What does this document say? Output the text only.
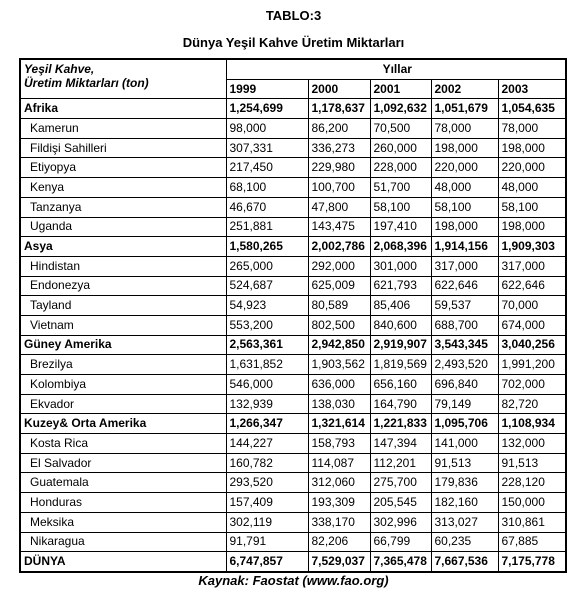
TABLO:3
Dünya Yeşil Kahve Üretim Miktarları
Yeşil Kahve,
Üretim Miktarları (ton)	Yıllar				
	1999	2000	2001	2002	2003
Afrika	1,254,699	1,178,637	1,092,632	1,051,679	1,054,635
Kamerun	98,000	86,200	70,500	78,000	78,000
Fildişi Sahilleri	307,331	336,273	260,000	198,000	198,000
Etiyopya	217,450	229,980	228,000	220,000	220,000
Kenya	68,100	100,700	51,700	48,000	48,000
Tanzanya	46,670	47,800	58,100	58,100	58,100
Uganda	251,881	143,475	197,410	198,000	198,000
Asya	1,580,265	2,002,786	2,068,396	1,914,156	1,909,303
Hindistan	265,000	292,000	301,000	317,000	317,000
Endonezya	524,687	625,009	621,793	622,646	622,646
Tayland	54,923	80,589	85,406	59,537	70,000
Vietnam	553,200	802,500	840,600	688,700	674,000
Güney Amerika	2,563,361	2,942,850	2,919,907	3,543,345	3,040,256
Brezilya	1,631,852	1,903,562	1,819,569	2,493,520	1,991,200
Kolombiya	546,000	636,000	656,160	696,840	702,000
Ekvador	132,939	138,030	164,790	79,149	82,720
Kuzey& Orta Amerika	1,266,347	1,321,614	1,221,833	1,095,706	1,108,934
Kosta Rica	144,227	158,793	147,394	141,000	132,000
El Salvador	160,782	114,087	112,201	91,513	91,513
Guatemala	293,520	312,060	275,700	179,836	228,120
Honduras	157,409	193,309	205,545	182,160	150,000
Meksika	302,119	338,170	302,996	313,027	310,861
Nikaragua	91,791	82,206	66,799	60,235	67,885
DÜNYA	6,747,857	7,529,037	7,365,478	7,667,536	7,175,778
Kaynak: Faostat (www.fao.org)
